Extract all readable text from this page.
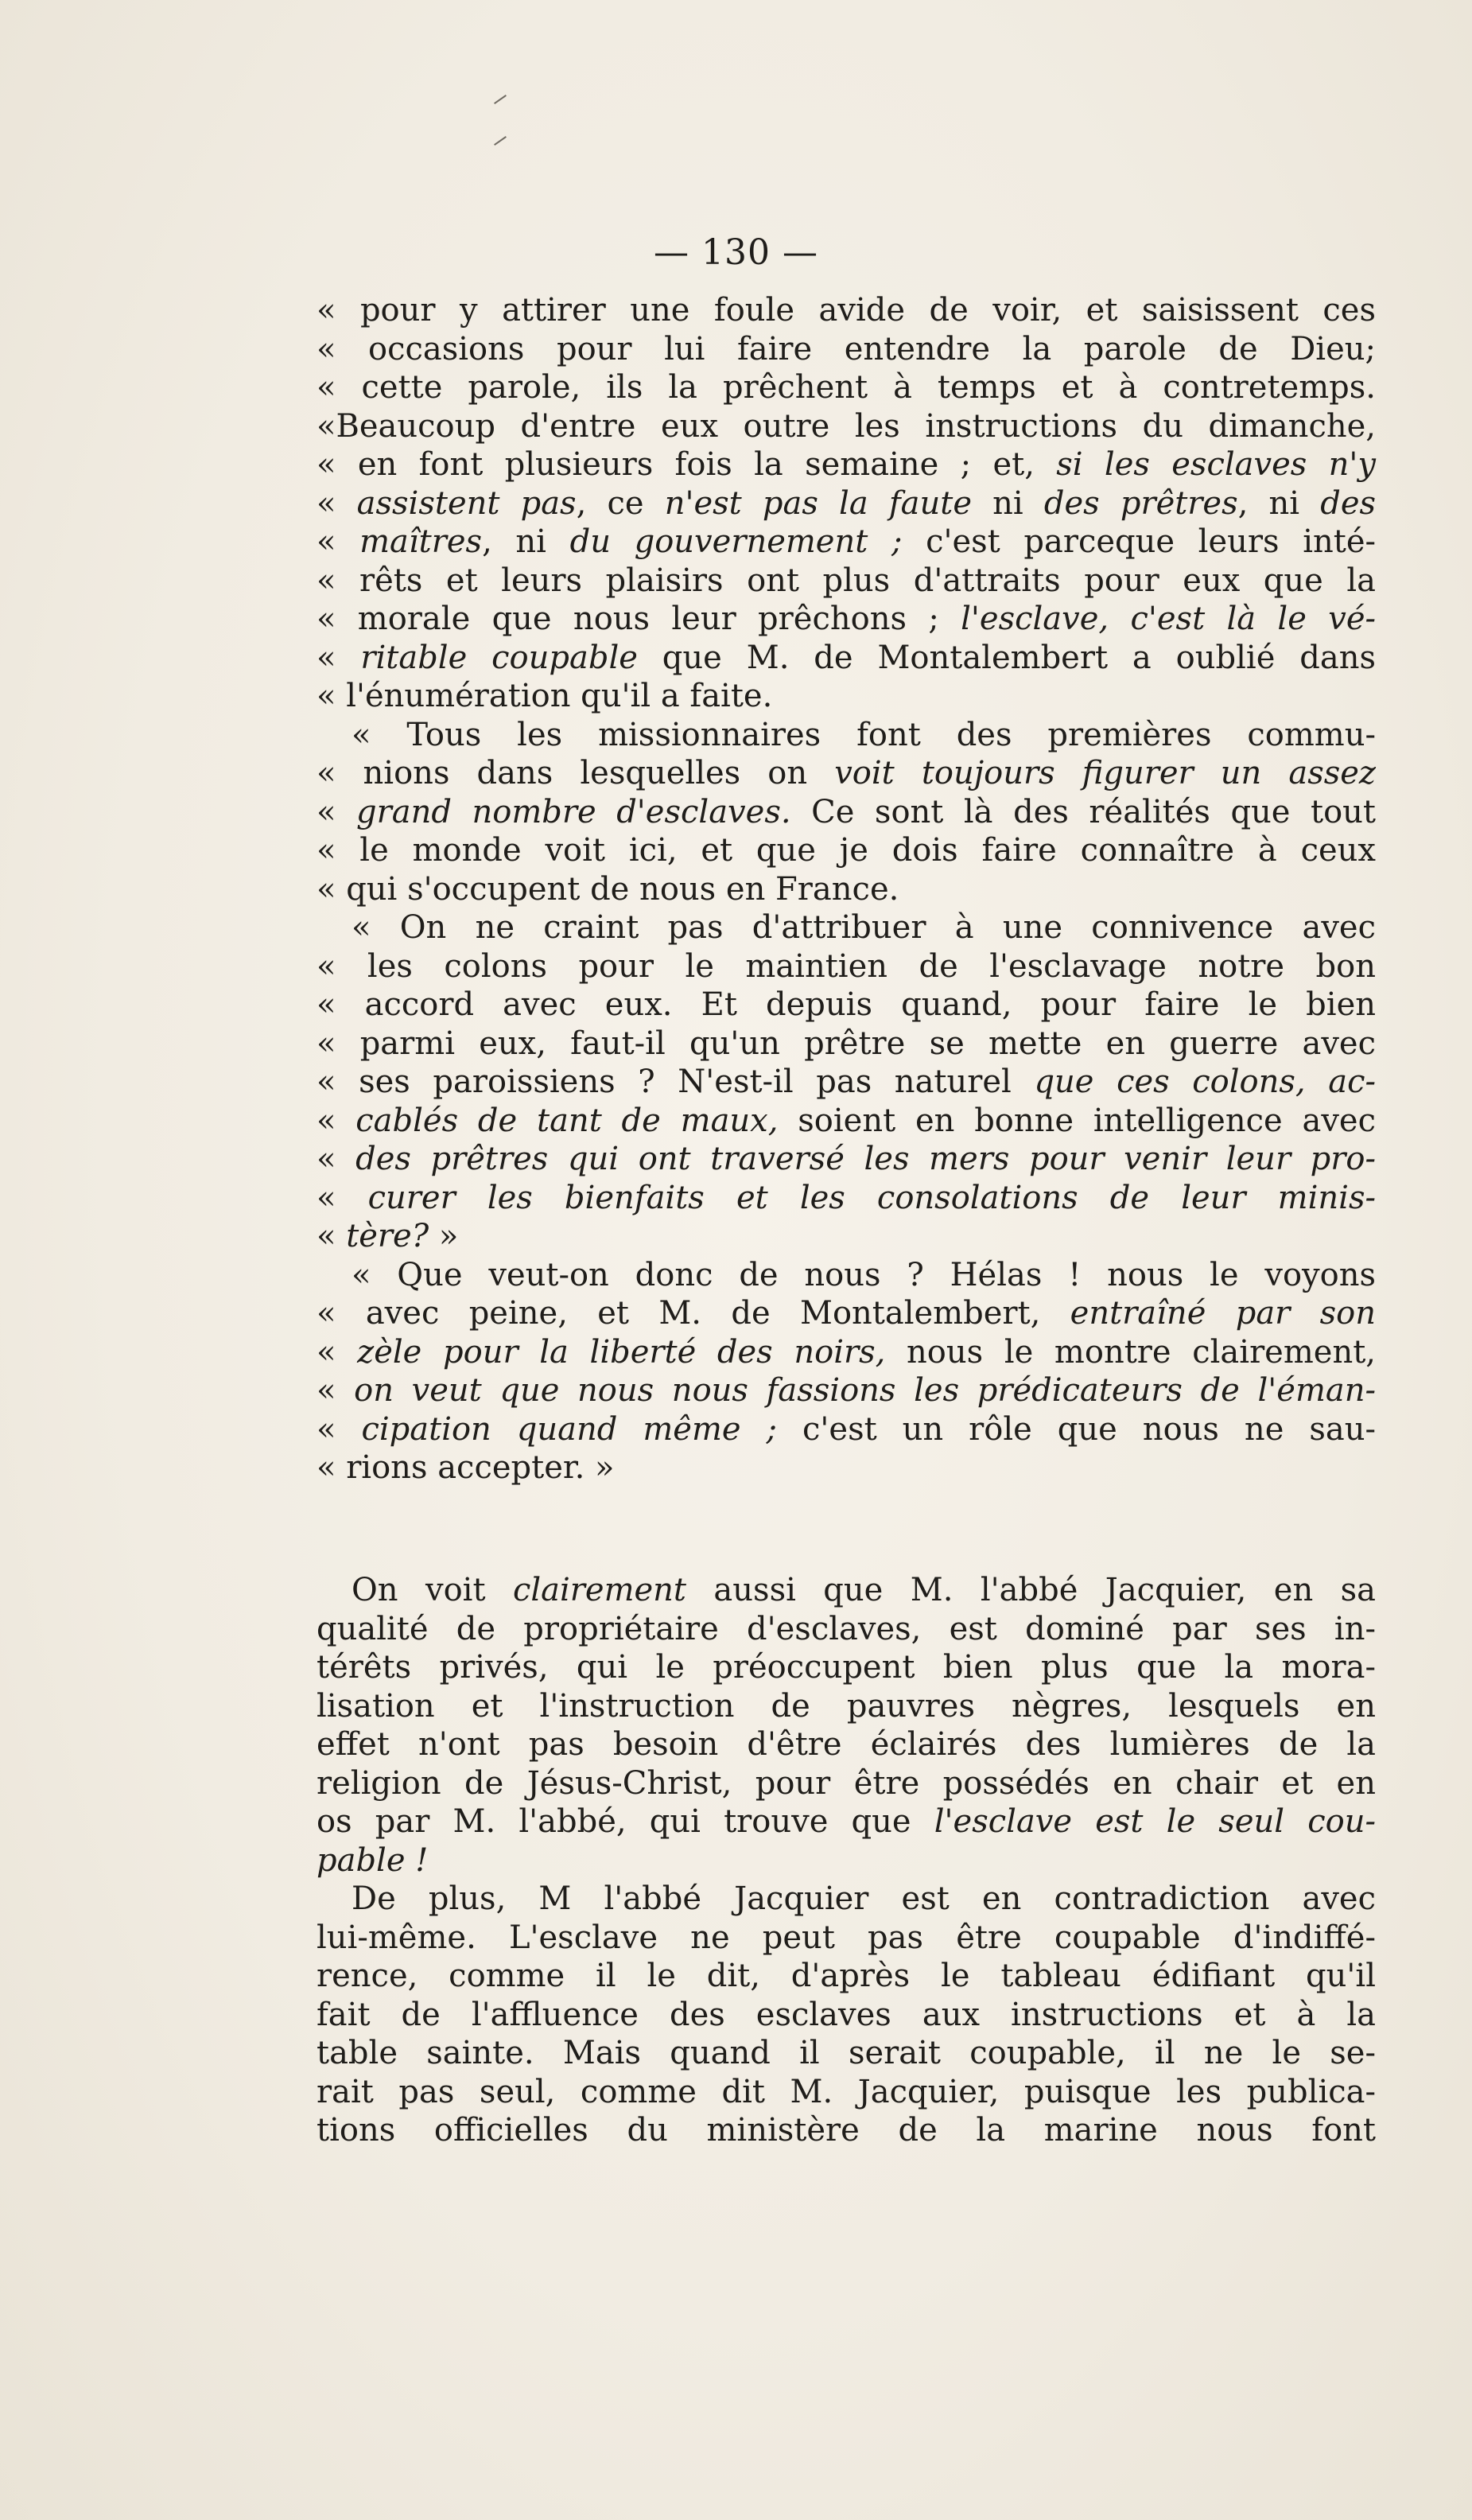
— 130 —
« pour y attirer une foule avide de voir, et saisissent ces
« occasions pour lui faire entendre la parole de Dieu;
« cette parole, ils la prêchent à temps et à contretemps.
«Beaucoup d'entre eux outre les instructions du dimanche,
« en font plusieurs fois la semaine ; et, si les esclaves n'y
« assistent pas, ce n'est pas la faute ni des prêtres, ni des
« maîtres, ni du gouvernement ; c'est parceque leurs inté-
« rêts et leurs plaisirs ont plus d'attraits pour eux que la
« morale que nous leur prêchons ; l'esclave, c'est là le vé-
« ritable coupable que M. de Montalembert a oublié dans
« l'énumération qu'il a faite.
« Tous les missionnaires font des premières commu-
« nions dans lesquelles on voit toujours figurer un assez
« grand nombre d'esclaves. Ce sont là des réalités que tout
« le monde voit ici, et que je dois faire connaître à ceux
« qui s'occupent de nous en France.
« On ne craint pas d'attribuer à une connivence avec
« les colons pour le maintien de l'esclavage notre bon
« accord avec eux. Et depuis quand, pour faire le bien
« parmi eux, faut-il qu'un prêtre se mette en guerre avec
« ses paroissiens ? N'est-il pas naturel que ces colons, ac-
« cablés de tant de maux, soient en bonne intelligence avec
« des prêtres qui ont traversé les mers pour venir leur pro-
« curer les bienfaits et les consolations de leur minis-
« tère? »
« Que veut-on donc de nous ? Hélas ! nous le voyons
« avec peine, et M. de Montalembert, entraîné par son
« zèle pour la liberté des noirs, nous le montre clairement,
« on veut que nous nous fassions les prédicateurs de l'éman-
« cipation quand même ; c'est un rôle que nous ne sau-
« rions accepter. »
On voit clairement aussi que M. l'abbé Jacquier, en sa
qualité de propriétaire d'esclaves, est dominé par ses in-
térêts privés, qui le préoccupent bien plus que la mora-
lisation et l'instruction de pauvres nègres, lesquels en
effet n'ont pas besoin d'être éclairés des lumières de la
religion de Jésus-Christ, pour être possédés en chair et en
os par M. l'abbé, qui trouve que l'esclave est le seul cou-
pable !
De plus, M l'abbé Jacquier est en contradiction avec
lui-même. L'esclave ne peut pas être coupable d'indiffé-
rence, comme il le dit, d'après le tableau édifiant qu'il
fait de l'affluence des esclaves aux instructions et à la
table sainte. Mais quand il serait coupable, il ne le se-
rait pas seul, comme dit M. Jacquier, puisque les publica-
tions officielles du ministère de la marine nous font
